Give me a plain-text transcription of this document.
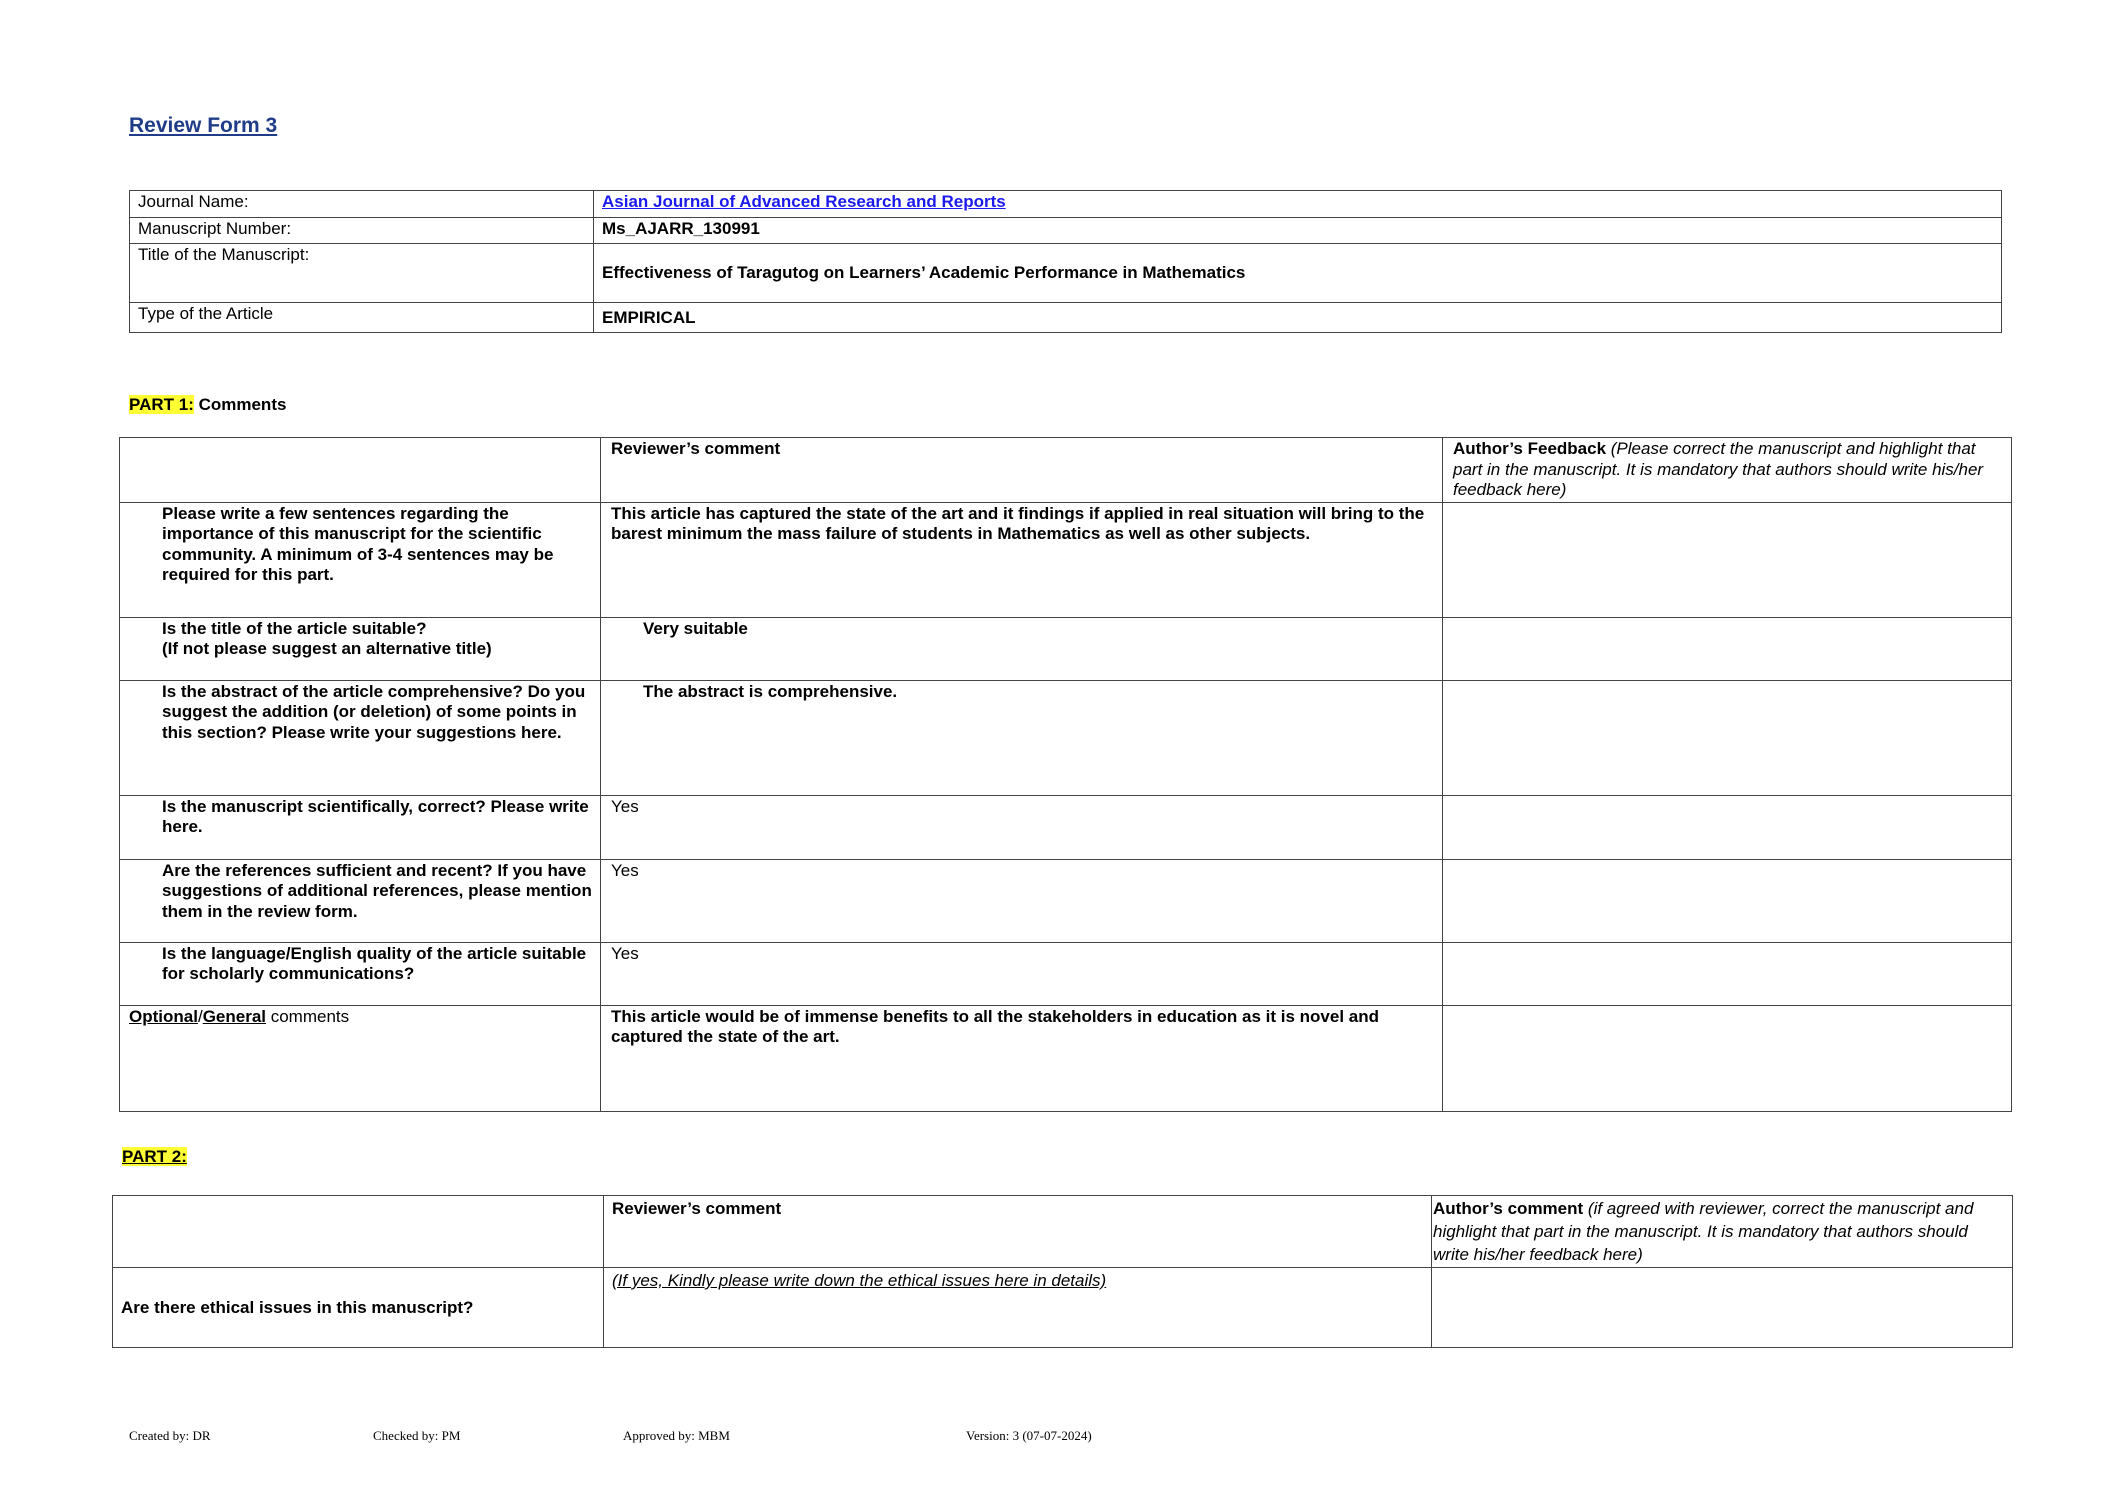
Review Form 3
Journal Name:	Asian Journal of Advanced Research and Reports
Manuscript Number:	Ms_AJARR_130991
Title of the Manuscript:	Effectiveness of Taragutog on Learners’ Academic Performance in Mathematics
Type of the Article	EMPIRICAL
PART 1: Comments
	Reviewer’s comment	Author’s Feedback (Please correct the manuscript and highlight that part in the manuscript. It is mandatory that authors should write his/her feedback here)
Please write a few sentences regarding the importance of this manuscript for the scientific community. A minimum of 3-4 sentences may be required for this part.	This article has captured the state of the art and it findings if applied in real situation will bring to the barest minimum the mass failure of students in Mathematics as well as other subjects.	
Is the title of the article suitable?
(If not please suggest an alternative title)	Very suitable	
Is the abstract of the article comprehensive? Do you suggest the addition (or deletion) of some points in this section? Please write your suggestions here.	The abstract is comprehensive.	
Is the manuscript scientifically, correct? Please write here.	Yes	
Are the references sufficient and recent? If you have suggestions of additional references, please mention them in the review form.	Yes	
Is the language/English quality of the article suitable for scholarly communications?	Yes	
Optional/General comments	This article would be of immense benefits to all the stakeholders in education as it is novel and captured the state of the art.	
PART 2:
	Reviewer’s comment	Author’s comment (if agreed with reviewer, correct the manuscript and highlight that part in the manuscript. It is mandatory that authors should write his/her feedback here)
Are there ethical issues in this manuscript?	(If yes, Kindly please write down the ethical issues here in details)	
Created by: DR	Checked by: PM	Approved by: MBM	Version: 3 (07-07-2024)
